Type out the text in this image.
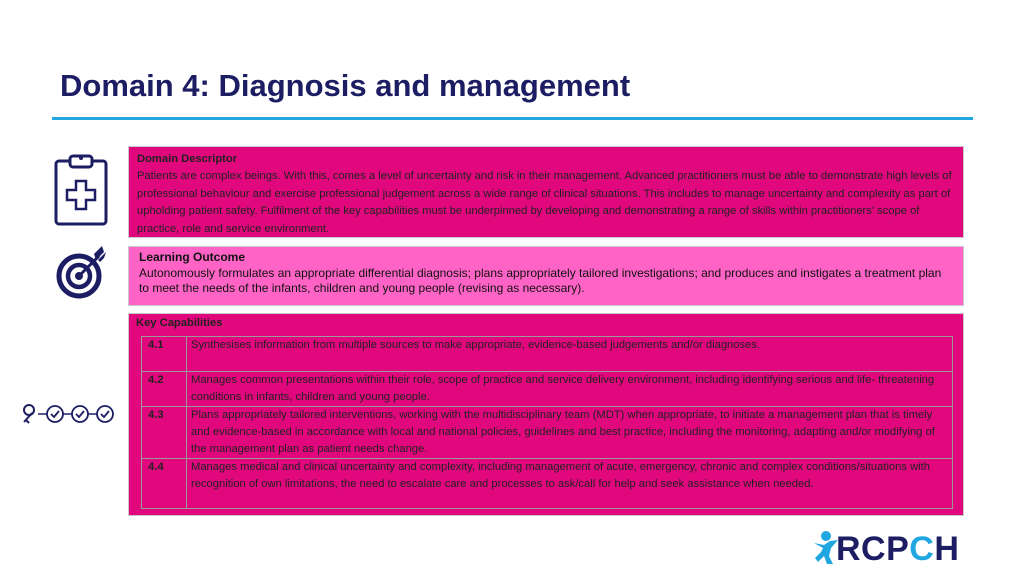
Domain 4: Diagnosis and management
Domain Descriptor
Patients are complex beings. With this, comes a level of uncertainty and risk in their management. Advanced practitioners must be able to demonstrate high levels of professional behaviour and exercise professional judgement across a wide range of clinical situations. This includes to manage uncertainty and complexity as part of upholding patient safety. Fulfilment of the key capabilities must be underpinned by developing and demonstrating a range of skills within practitioners' scope of practice, role and service environment.
Learning Outcome
Autonomously formulates an appropriate differential diagnosis; plans appropriately tailored investigations; and produces and instigates a treatment plan to meet the needs of the infants, children and young people (revising as necessary).
Key Capabilities
4.1	Synthesises information from multiple sources to make appropriate, evidence-based judgements and/or diagnoses.
4.2	Manages common presentations within their role, scope of practice and service delivery environment, including identifying serious and life- threatening conditions in infants, children and young people.
4.3	Plans appropriately tailored interventions, working with the multidisciplinary team (MDT) when appropriate, to initiate a management plan that is timely and evidence-based in accordance with local and national policies, guidelines and best practice, including the monitoring, adapting and/or modifying of the management plan as patient needs change.
4.4	Manages medical and clinical uncertainty and complexity, including management of acute, emergency, chronic and complex conditions/situations with recognition of own limitations, the need to escalate care and processes to ask/call for help and seek assistance when needed.
RCPCH
